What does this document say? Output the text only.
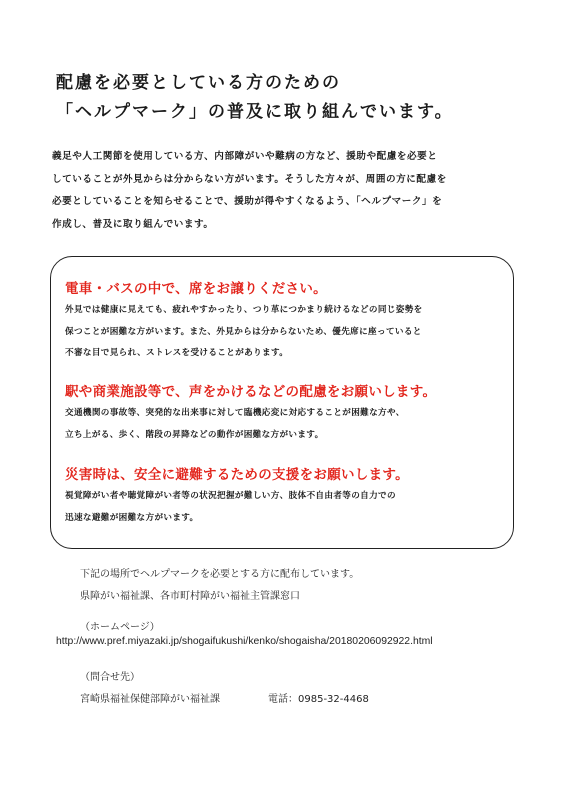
配慮を必要としている方のための
「ヘルプマーク」の普及に取り組んでいます。
義足や人工関節を使用している方、内部障がいや難病の方など、援助や配慮を必要と
していることが外見からは分からない方がいます。そうした方々が、周囲の方に配慮を
必要としていることを知らせることで、援助が得やすくなるよう、「ヘルプマーク」を
作成し、普及に取り組んでいます。
電車・バスの中で、席をお譲りください。
外見では健康に見えても、疲れやすかったり、つり革につかまり続けるなどの同じ姿勢を
保つことが困難な方がいます。また、外見からは分からないため、優先席に座っていると
不審な目で見られ、ストレスを受けることがあります。
駅や商業施設等で、声をかけるなどの配慮をお願いします。
交通機関の事故等、突発的な出来事に対して臨機応変に対応することが困難な方や、
立ち上がる、歩く、階段の昇降などの動作が困難な方がいます。
災害時は、安全に避難するための支援をお願いします。
視覚障がい者や聴覚障がい者等の状況把握が難しい方、肢体不自由者等の自力での
迅速な避難が困難な方がいます。
下記の場所でヘルプマークを必要とする方に配布しています。
県障がい福祉課、各市町村障がい福祉主管課窓口
（ホームページ）
http://www.pref.miyazaki.jp/shogaifukushi/kenko/shogaisha/20180206092922.html
（問合せ先）
宮崎県福祉保健部障がい福祉課	電話：0985-32-4468
